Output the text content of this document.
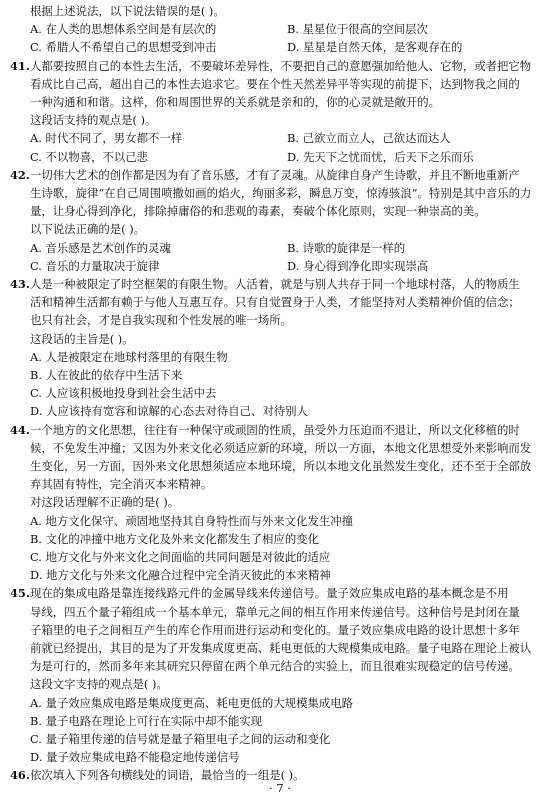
根据上述说法，以下说法错误的是( )。
A. 在人类的思想体系空间是有层次的	B. 星星位于很高的空间层次
C. 希腊人不希望自己的思想受到冲击	D. 星星是自然天体，是客观存在的
41. 人都要按照自己的本性去生活，不要破坏差异性，不要把自己的意愿强加给他人、它物，或者把它物
看成比自己高，超出自己的本性去追求它。要在个性天然差异平等实现的前提下，达到物我之间的
一种沟通和和谐。这样，你和周围世界的关系就是亲和的，你的心灵就是敞开的。
这段话支持的观点是( )。
A. 时代不同了，男女都不一样	B. 己欲立而立人，己欲达而达人
C. 不以物喜，不以己悲	D. 先天下之忧而忧，后天下之乐而乐
42. 一切伟大艺术的创作都是因为有了音乐感，才有了灵魂。从旋律自身产生诗歌，并且不断地重新产
生诗歌，旋律“在自己周围喷撒如画的焰火，绚丽多彩，瞬息万变，惊涛骇浪”。特别是其中音乐的力
量，让身心得到净化，排除掉庸俗的和悲观的毒素，奏破个体化原则，实现一种崇高的美。
以下说法正确的是( )。
A. 音乐感是艺术创作的灵魂	B. 诗歌的旋律是一样的
C. 音乐的力量取决于旋律	D. 身心得到净化即实现崇高
43. 人是一种被限定了时空框架的有限生物。人活着，就是与别人共存于同一个地球村落，人的物质生
活和精神生活都有赖于与他人互惠互存。只有自觉置身于人类，才能坚持对人类精神价值的信念；
也只有社会，才是自我实现和个性发展的唯一场所。
这段话的主旨是( )。
A. 人是被限定在地球村落里的有限生物
B. 人在彼此的依存中生活下来
C. 人应该积极地投身到社会生活中去
D. 人应该持有宽容和谅解的心态去对待自己、对待别人
44. 一个地方的文化思想，往往有一种保守或顽固的性质，虽受外力压迫而不退让，所以文化移植的时
候，不免发生冲撞；又因为外来文化必须适应新的环境，所以一方面，本地文化思想受外来影响而发
生变化，另一方面，因外来文化思想须适应本地环境，所以本地文化虽然发生变化，还不至于全部放
弃其固有特性，完全消灭本来精神。
对这段话理解不正确的是( )。
A. 地方文化保守、顽固地坚持其自身特性而与外来文化发生冲撞
B. 文化的冲撞中地方文化及外来文化都发生了相应的变化
C. 地方文化与外来文化之间面临的共同问题是对彼此的适应
D. 地方文化与外来文化融合过程中完全消灭彼此的本来精神
45. 现在的集成电路是靠连接线路元件的金属导线来传递信号。量子效应集成电路的基本概念是不用
导线，四五个量子箱组成一个基本单元，靠单元之间的相互作用来传递信号。这种信号是封闭在量
子箱里的电子之间相互产生的库仑作用而进行运动和变化的。量子效应集成电路的设计思想十多年
前就已经提出，其目的是为了开发集成度更高、耗电更低的大规模集成电路。量子电路在理论上被认
为是可行的，然而多年来其研究只停留在两个单元结合的实验上，而且很难实现稳定的信号传递。
这段文字支持的观点是( )。
A. 量子效应集成电路是集成度更高、耗电更低的大规模集成电路
B. 量子电路在理论上可行在实际中却不能实现
C. 量子箱里传递的信号就是量子箱里电子之间的运动和变化
D. 量子效应集成电路不能稳定地传递信号
46. 依次填入下列各句横线处的词语，最恰当的一组是( )。
· 7 ·
